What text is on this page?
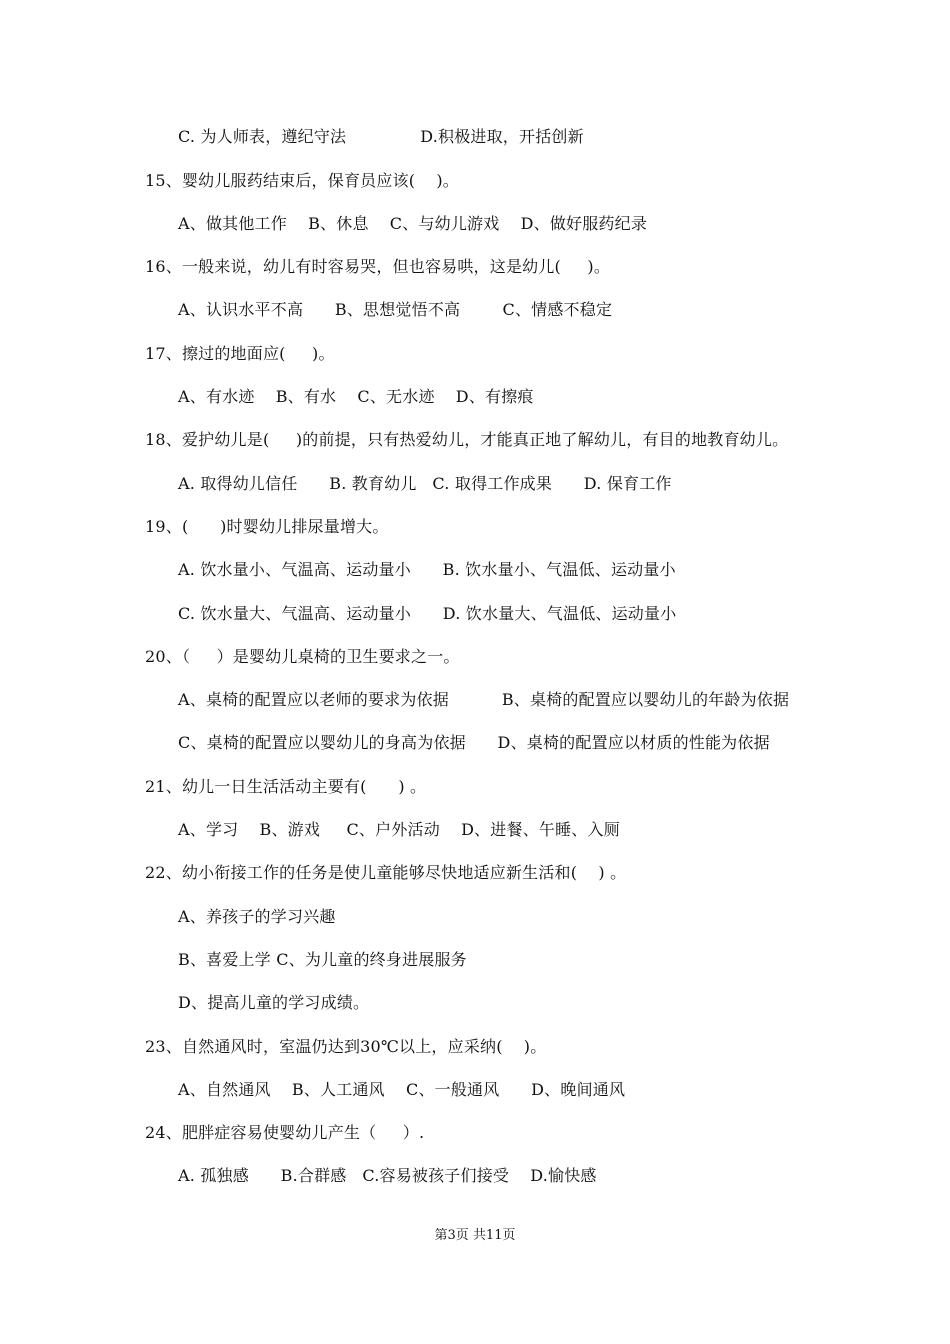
C. 为人师表，遵纪守法              D.积极进取，开括创新
15、婴幼儿服药结束后，保育员应该(    )。
A、做其他工作    B、休息    C、与幼儿游戏    D、做好服药纪录
16、一般来说，幼儿有时容易哭，但也容易哄，这是幼儿(     )。
A、认识水平不高      B、思想觉悟不高        C、情感不稳定
17、擦过的地面应(     )。
A、有水迹    B、有水    C、无水迹    D、有擦痕
18、爱护幼儿是(     )的前提，只有热爱幼儿，才能真正地了解幼儿，有目的地教育幼儿。
A. 取得幼儿信任      B. 教育幼儿   C. 取得工作成果      D. 保育工作
19、(      )时婴幼儿排尿量增大。
A. 饮水量小、气温高、运动量小      B. 饮水量小、气温低、运动量小
C. 饮水量大、气温高、运动量小      D. 饮水量大、气温低、运动量小
20、（     ）是婴幼儿桌椅的卫生要求之一。
A、桌椅的配置应以老师的要求为依据          B、桌椅的配置应以婴幼儿的年龄为依据
C、桌椅的配置应以婴幼儿的身高为依据      D、桌椅的配置应以材质的性能为依据
21、幼儿一日生活活动主要有(      ) 。
A、学习    B、游戏     C、户外活动    D、进餐、午睡、入厕
22、幼小衔接工作的任务是使儿童能够尽快地适应新生活和(    ) 。
A、养孩子的学习兴趣
B、喜爱上学 C、为儿童的终身进展服务
D、提高儿童的学习成绩。
23、自然通风时，室温仍达到30℃以上，应采纳(    )。
A、自然通风    B、人工通风    C、一般通风      D、晚间通风
24、肥胖症容易使婴幼儿产生（     ）.
A. 孤独感      B.合群感   C.容易被孩子们接受    D.愉快感
第3页 共11页
